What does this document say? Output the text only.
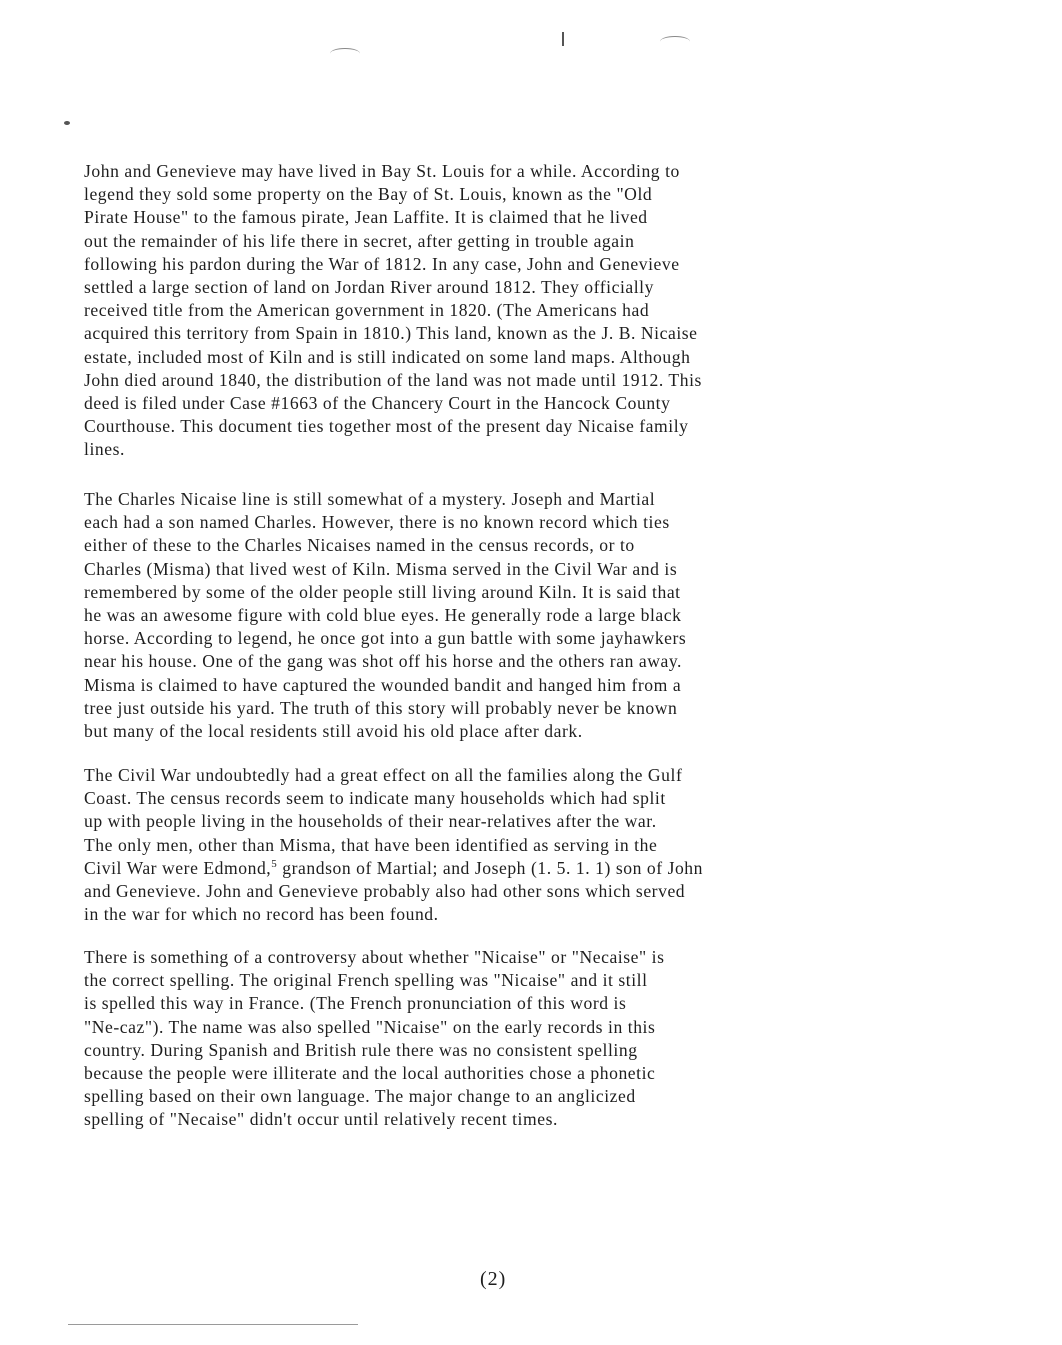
John and Genevieve may have lived in Bay St. Louis for a while. According to
legend they sold some property on the Bay of St. Louis, known as the "Old
Pirate House" to the famous pirate, Jean Laffite. It is claimed that he lived
out the remainder of his life there in secret, after getting in trouble again
following his pardon during the War of 1812. In any case, John and Genevieve
settled a large section of land on Jordan River around 1812. They officially
received title from the American government in 1820. (The Americans had
acquired this territory from Spain in 1810.) This land, known as the J. B. Nicaise
estate, included most of Kiln and is still indicated on some land maps. Although
John died around 1840, the distribution of the land was not made until 1912. This
deed is filed under Case #1663 of the Chancery Court in the Hancock County
Courthouse. This document ties together most of the present day Nicaise family
lines.
The Charles Nicaise line is still somewhat of a mystery. Joseph and Martial
each had a son named Charles. However, there is no known record which ties
either of these to the Charles Nicaises named in the census records, or to
Charles (Misma) that lived west of Kiln. Misma served in the Civil War and is
remembered by some of the older people still living around Kiln. It is said that
he was an awesome figure with cold blue eyes. He generally rode a large black
horse. According to legend, he once got into a gun battle with some jayhawkers
near his house. One of the gang was shot off his horse and the others ran away.
Misma is claimed to have captured the wounded bandit and hanged him from a
tree just outside his yard. The truth of this story will probably never be known
but many of the local residents still avoid his old place after dark.
The Civil War undoubtedly had a great effect on all the families along the Gulf
Coast. The census records seem to indicate many households which had split
up with people living in the households of their near-relatives after the war.
The only men, other than Misma, that have been identified as serving in the
Civil War were Edmond,$^5$ grandson of Martial; and Joseph (1. 5. 1. 1) son of John
and Genevieve. John and Genevieve probably also had other sons which served
in the war for which no record has been found.
There is something of a controversy about whether "Nicaise" or "Necaise" is
the correct spelling. The original French spelling was "Nicaise" and it still
is spelled this way in France. (The French pronunciation of this word is
"Ne-caz"). The name was also spelled "Nicaise" on the early records in this
country. During Spanish and British rule there was no consistent spelling
because the people were illiterate and the local authorities chose a phonetic
spelling based on their own language. The major change to an anglicized
spelling of "Necaise" didn't occur until relatively recent times.
(2)
